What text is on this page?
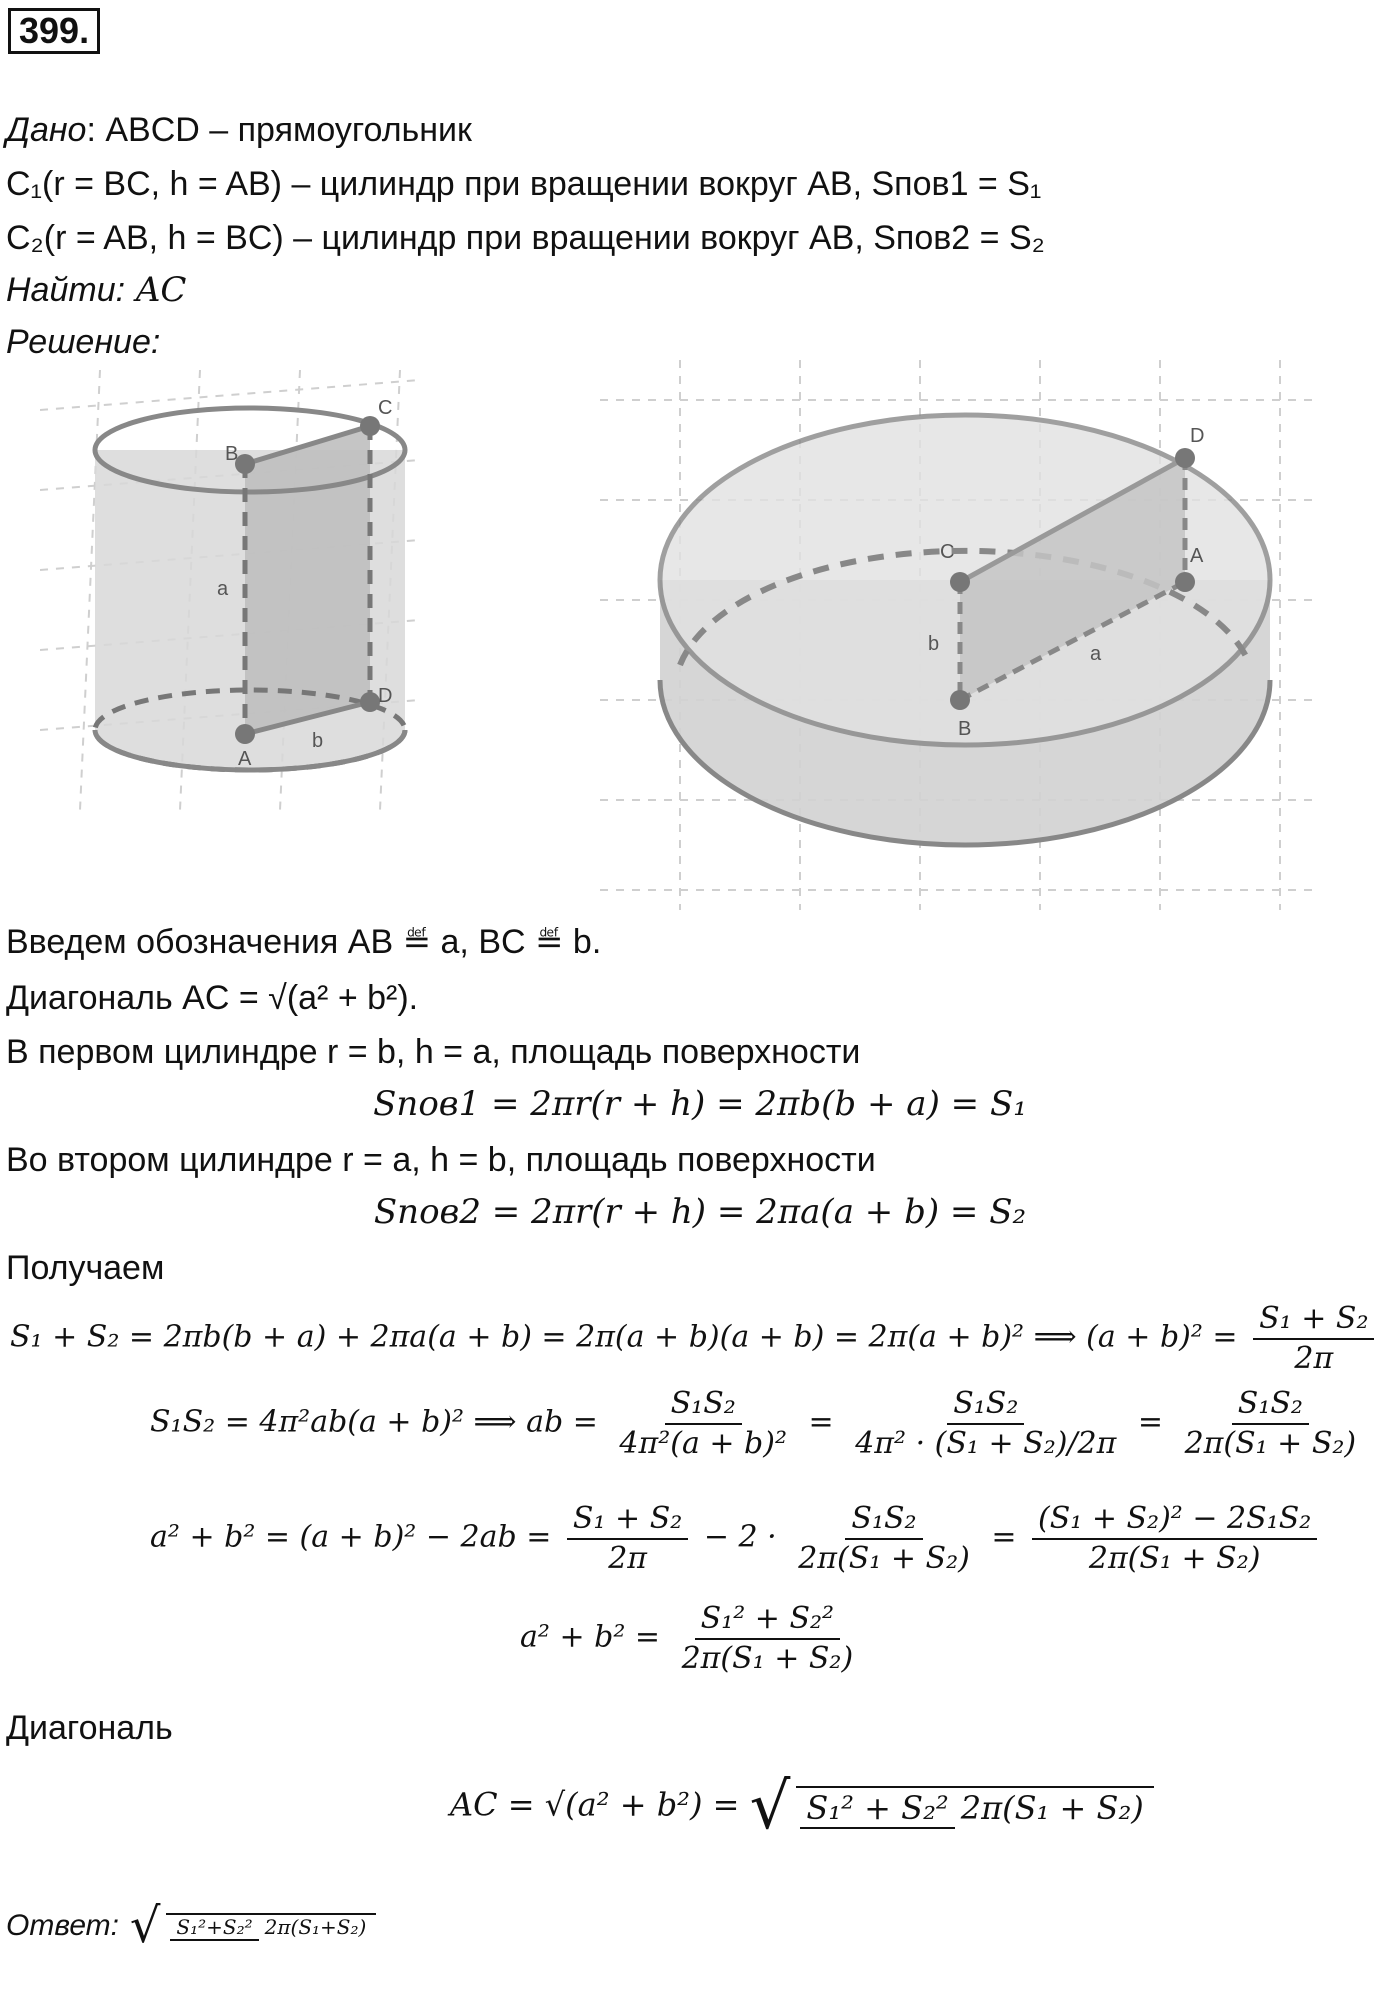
399.
Дано: ABCD – прямоугольник
C₁(r = BC, h = AB) – цилиндр при вращении вокруг AB, Sпов1 = S₁
C₂(r = AB, h = BC) – цилиндр при вращении вокруг AB, Sпов2 = S₂
Найти: AC
Решение:
B
C
A
D
a
b
D
C	A
B
b	a
Введем обозначения AB ≝ a, BC ≝ b.
Диагональ AC = √(a² + b²).
В первом цилиндре r = b, h = a, площадь поверхности
Sпов1 = 2πr(r + h) = 2πb(b + a) = S₁
Во втором цилиндре r = a, h = b, площадь поверхности
Sпов2 = 2πr(r + h) = 2πa(a + b) = S₂
Получаем
S₁ + S₂ = 2πb(b + a) + 2πa(a + b) = 2π(a + b)(a + b) = 2π(a + b)² ⟹ $(a + b)^2 = \frac{\text{S₁ + S₂}}{2\pi}$
S₁S₂ = 4π²ab(a + b)² ⟹ ab = $\frac{\text{S₁S₂}}{\text{4π²(a + b)²}} = \frac{\text{S₁S₂}}{\text{4π² · (S₁ + S₂)/2π}} = \frac{\text{S₁S₂}}{\text{2π(S₁ + S₂)}}$
$a^2 + b^2 = (a + b)^2 - 2ab = \frac{\text{S₁ + S₂}}{2\pi} - 2 \cdot \frac{\text{S₁S₂}}{\text{2π(S₁ + S₂)}} = \frac{\text{(S₁ + S₂)² − 2S₁S₂}}{\text{2π(S₁ + S₂)}}$
$a^2 + b^2 = \frac{\text{S₁² + S₂²}}{\text{2π(S₁ + S₂)}}$
Диагональ
AC = √(a² + b²) = √ S₁² + S₂² 2π(S₁ + S₂)
Ответ: √ S₁²+S₂² 2π(S₁+S₂)
